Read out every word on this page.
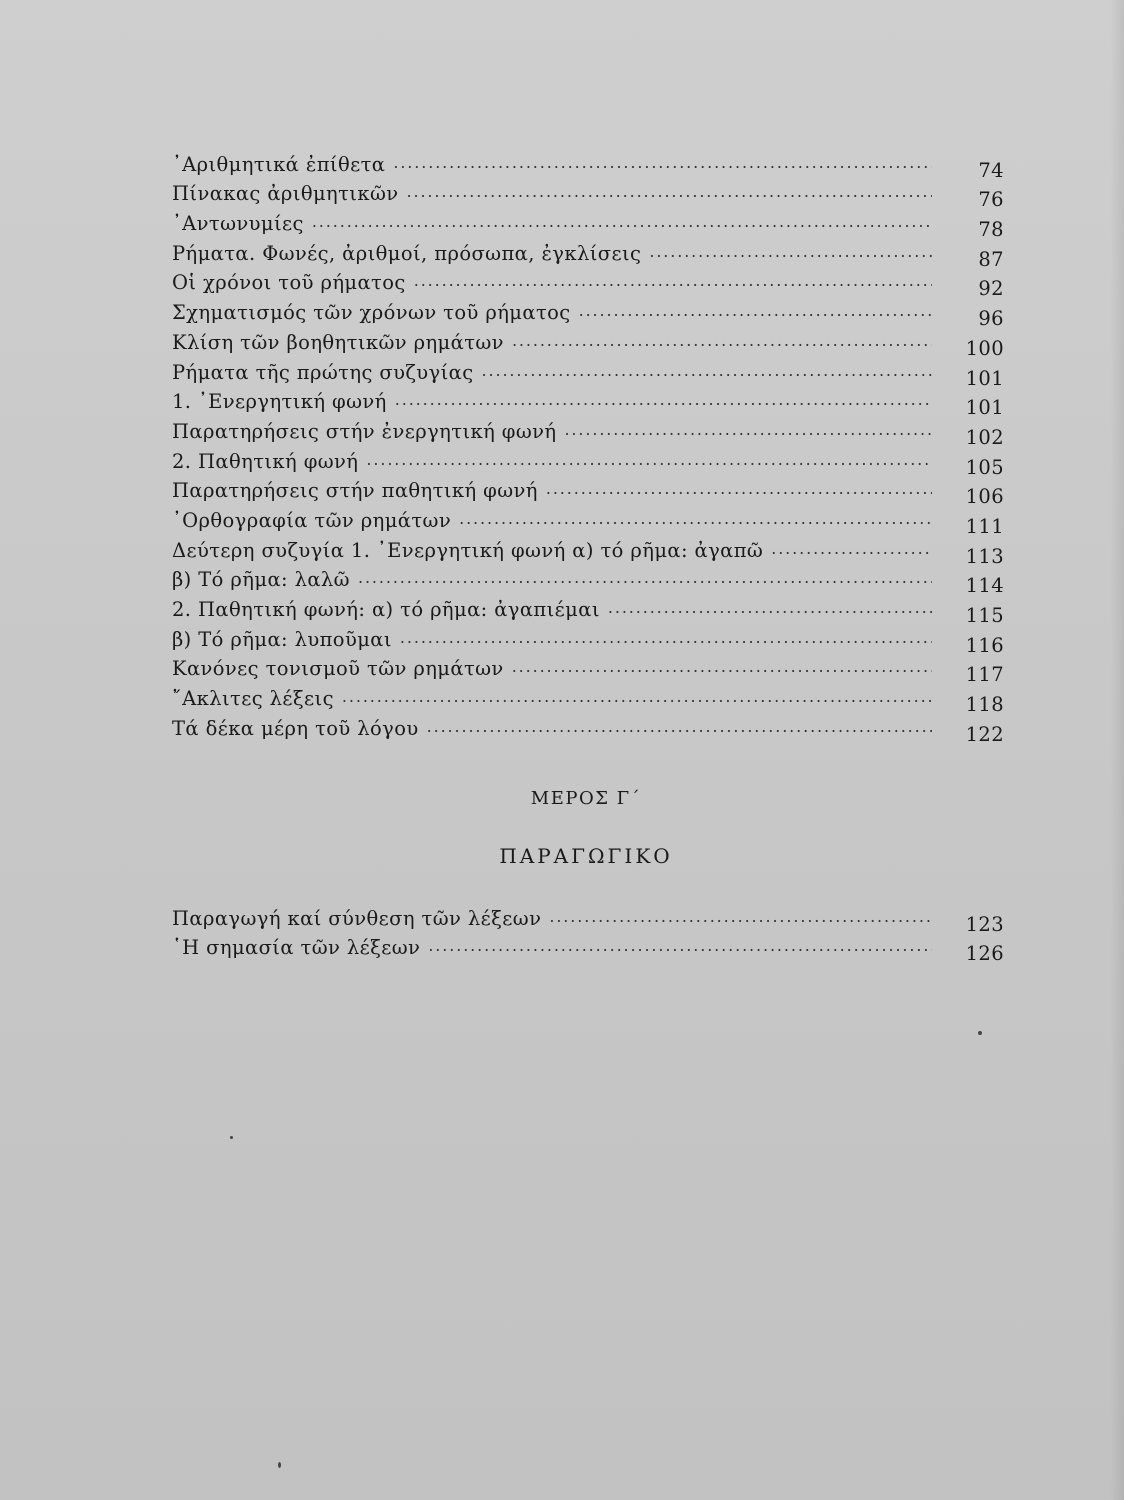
᾿Αριθμητικά ἐπίθετα . . .	74
Πίνακας ἀριθμητικῶν . . .	76
᾿Αντωνυμίες . . .	78
Ρήματα. Φωνές, ἀριθμοί, πρόσωπα, ἐγκλίσεις . . .	87
Οἱ χρόνοι τοῦ ρήματος . . .	92
Σχηματισμός τῶν χρόνων τοῦ ρήματος . . .	96
Κλίση τῶν βοηθητικῶν ρημάτων . . .	100
Ρήματα τῆς πρώτης συζυγίας . . .	101
1. ᾿Ενεργητική φωνή . . .	101
Παρατηρήσεις στήν ἐνεργητική φωνή . . .	102
2. Παθητική φωνή . . .	105
Παρατηρήσεις στήν παθητική φωνή . . .	106
᾿Ορθογραφία τῶν ρημάτων . . .	111
Δεύτερη συζυγία 1. ᾿Ενεργητική φωνή α) τό ρῆμα: ἀγαπῶ . . .	113
β) Τό ρῆμα: λαλῶ . . .	114
2. Παθητική φωνή: α) τό ρῆμα: ἀγαπιέμαι . . .	115
β) Τό ρῆμα: λυποῦμαι . . .	116
Κανόνες τονισμοῦ τῶν ρημάτων . . .	117
῎Ακλιτες λέξεις . . .	118
Τά δέκα μέρη τοῦ λόγου . . .	122
ΜΕΡΟΣ Γ΄
ΠΑΡΑΓΩΓΙΚΟ
Παραγωγή καί σύνθεση τῶν λέξεων . . .	123
῾Η σημασία τῶν λέξεων . . .	126
